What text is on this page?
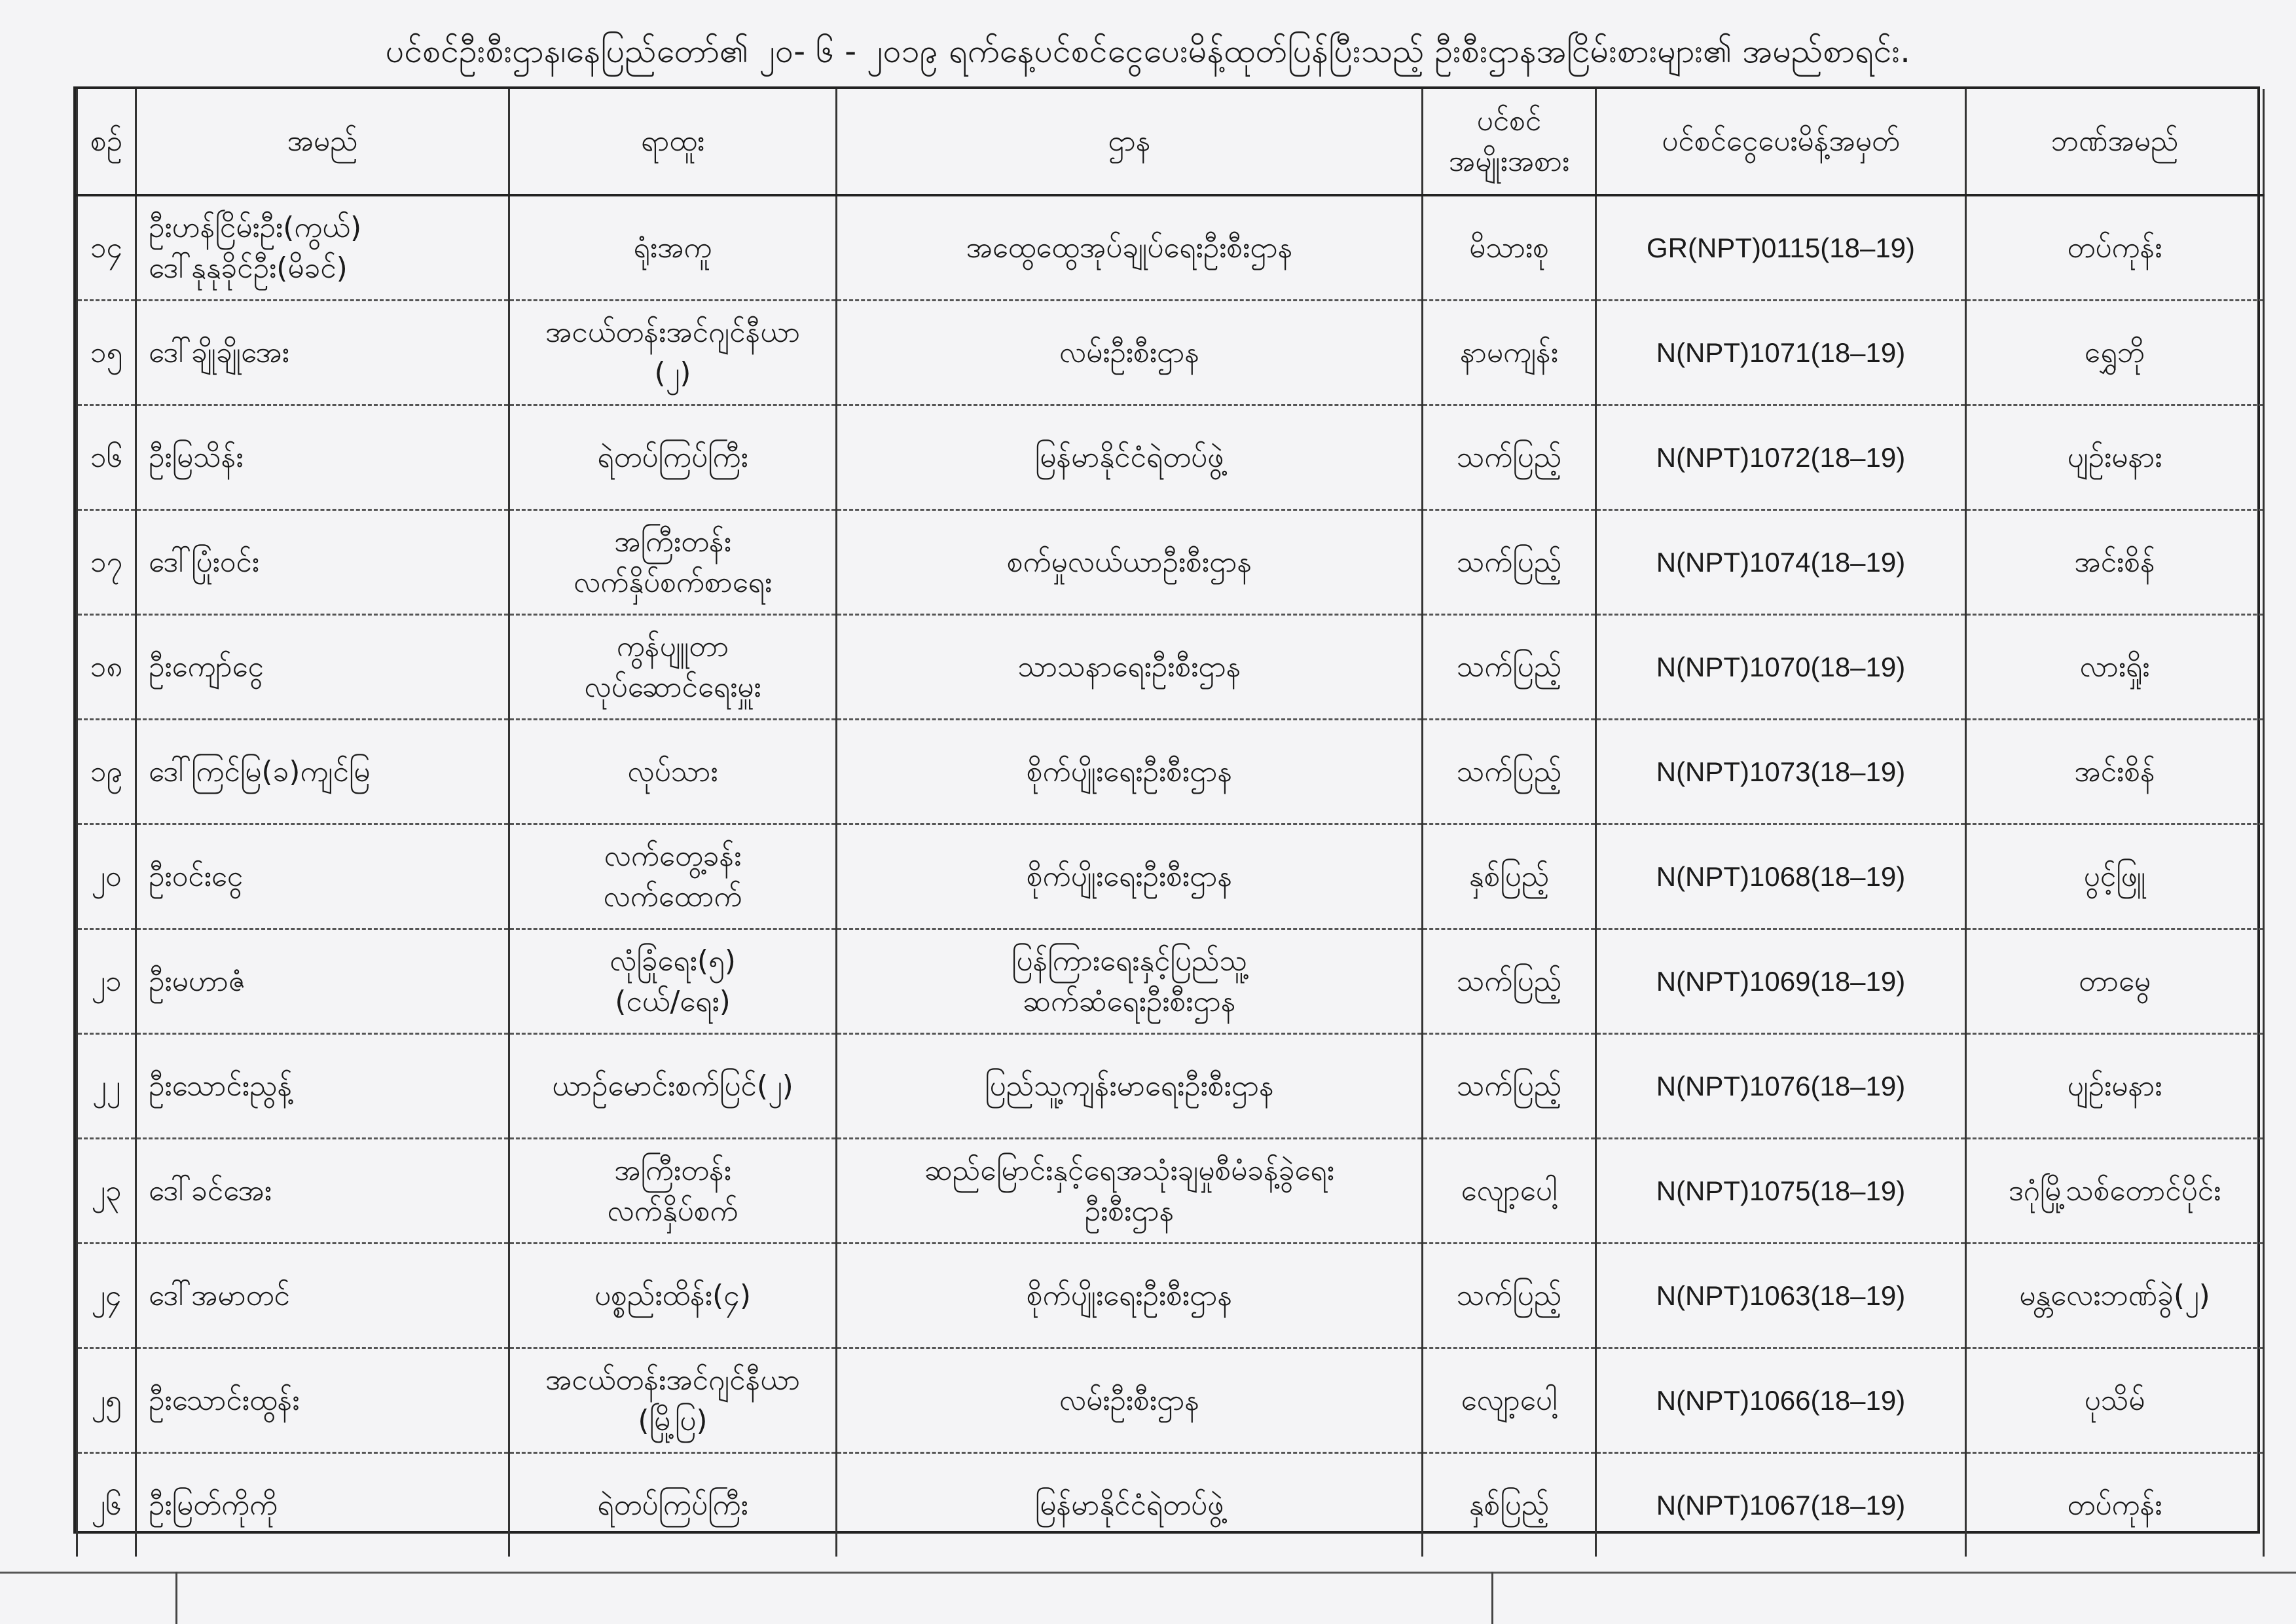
ပင်စင်ဦးစီးဌာန၊နေပြည်တော်၏ ၂၀- ၆ - ၂၀၁၉ ရက်နေ့ပင်စင်ငွေပေးမိန့်ထုတ်ပြန်ပြီးသည့် ဦးစီးဌာနအငြိမ်းစားများ၏ အမည်စာရင်း.
စဉ်	အမည်	ရာထူး	ဌာန	ပင်စင်
အမျိုးအစား	ပင်စင်ငွေပေးမိန့်အမှတ်	ဘဏ်အမည်

၁၄	ဦးဟန်ငြိမ်းဦး(ကွယ်)
ဒေါ်နုနုခိုင်ဦး(မိခင်)	ရုံးအကူ	အထွေထွေအုပ်ချုပ်ရေးဦးစီးဌာန	မိသားစု	GR(NPT)0115(18–19)	တပ်ကုန်း

၁၅	ဒေါ်ချိုချိုအေး	အငယ်တန်းအင်ဂျင်နီယာ
(၂)	လမ်းဦးစီးဌာန	နာမကျန်း	N(NPT)1071(18–19)	ရွှေဘို

၁၆	ဦးမြသိန်း	ရဲတပ်ကြပ်ကြီး	မြန်မာနိုင်ငံရဲတပ်ဖွဲ့	သက်ပြည့်	N(NPT)1072(18–19)	ပျဉ်းမနား

၁၇	ဒေါ်ပြုံးဝင်း	အကြီးတန်း
လက်နှိပ်စက်စာရေး	စက်မှုလယ်ယာဦးစီးဌာန	သက်ပြည့်	N(NPT)1074(18–19)	အင်းစိန်

၁၈	ဦးကျော်ငွေ	ကွန်ပျူတာ
လုပ်ဆောင်ရေးမှူး	သာသနာရေးဦးစီးဌာန	သက်ပြည့်	N(NPT)1070(18–19)	လားရှိုး

၁၉	ဒေါ်ကြင်မြ(ခ)ကျင်မြ	လုပ်သား	စိုက်ပျိုးရေးဦးစီးဌာန	သက်ပြည့်	N(NPT)1073(18–19)	အင်းစိန်

၂၀	ဦးဝင်းငွေ	လက်တွေ့ခန်း
လက်ထောက်	စိုက်ပျိုးရေးဦးစီးဌာန	နှစ်ပြည့်	N(NPT)1068(18–19)	ပွင့်ဖြူ

၂၁	ဦးမဟာဇံ	လုံခြုံရေး(၅)
(ငယ်/ရေး)	ပြန်ကြားရေးနှင့်ပြည်သူ့
ဆက်ဆံရေးဦးစီးဌာန	သက်ပြည့်	N(NPT)1069(18–19)	တာမွေ

၂၂	ဦးသောင်းညွန့်	ယာဉ်မောင်းစက်ပြင်(၂)	ပြည်သူ့ကျန်းမာရေးဦးစီးဌာန	သက်ပြည့်	N(NPT)1076(18–19)	ပျဉ်းမနား

၂၃	ဒေါ်ခင်အေး	အကြီးတန်း
လက်နှိပ်စက်	ဆည်မြောင်းနှင့်ရေအသုံးချမှုစီမံခန့်ခွဲရေး
ဦးစီးဌာန	လျော့ပေါ့	N(NPT)1075(18–19)	ဒဂုံမြို့သစ်တောင်ပိုင်း

၂၄	ဒေါ်အမာတင်	ပစ္စည်းထိန်း(၄)	စိုက်ပျိုးရေးဦးစီးဌာန	သက်ပြည့်	N(NPT)1063(18–19)	မန္တလေးဘဏ်ခွဲ(၂)

၂၅	ဦးသောင်းထွန်း	အငယ်တန်းအင်ဂျင်နီယာ
(မြို့ပြ)	လမ်းဦးစီးဌာန	လျော့ပေါ့	N(NPT)1066(18–19)	ပုသိမ်

၂၆	ဦးမြတ်ကိုကို	ရဲတပ်ကြပ်ကြီး	မြန်မာနိုင်ငံရဲတပ်ဖွဲ့	နှစ်ပြည့်	N(NPT)1067(18–19)	တပ်ကုန်း
